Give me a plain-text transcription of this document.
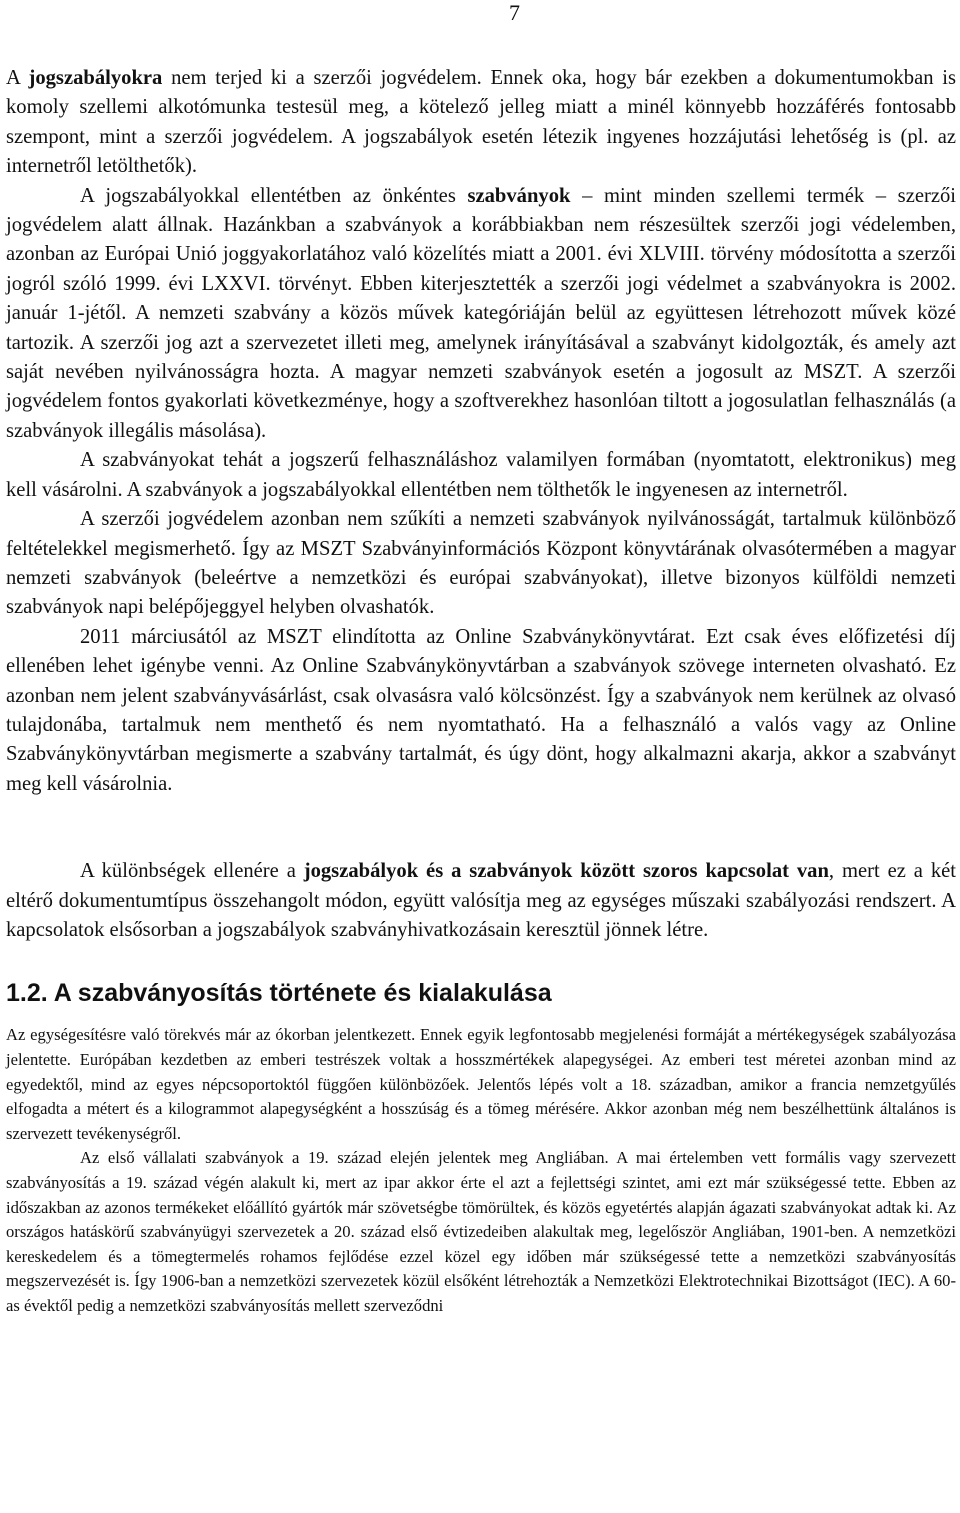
7

A jogszabályokra nem terjed ki a szerzői jogvédelem. Ennek oka, hogy bár ezekben a dokumentumokban is komoly szellemi alkotómunka testesül meg, a kötelező jelleg miatt a minél könnyebb hozzáférés fontosabb szempont, mint a szerzői jogvédelem. A jogszabályok esetén létezik ingyenes hozzájutási lehetőség is (pl. az internetről letölthetők).

A jogszabályokkal ellentétben az önkéntes szabványok – mint minden szellemi termék – szerzői jogvédelem alatt állnak. Hazánkban a szabványok a korábbiakban nem részesültek szerzői jogi védelemben, azonban az Európai Unió joggyakorlatához való közelítés miatt a 2001. évi XLVIII. törvény módosította a szerzői jogról szóló 1999. évi LXXVI. törvényt. Ebben kiterjesztették a szerzői jogi védelmet a szabványokra is 2002. január 1-jétől. A nemzeti szabvány a közös művek kategóriáján belül az együttesen létrehozott művek közé tartozik. A szerzői jog azt a szervezetet illeti meg, amelynek irányításával a szabványt kidolgozták, és amely azt saját nevében nyilvánosságra hozta. A magyar nemzeti szabványok esetén a jogosult az MSZT. A szerzői jogvédelem fontos gyakorlati következménye, hogy a szoftverekhez hasonlóan tiltott a jogosulatlan felhasználás (a szabványok illegális másolása).

A szabványokat tehát a jogszerű felhasználáshoz valamilyen formában (nyomtatott, elektronikus) meg kell vásárolni. A szabványok a jogszabályokkal ellentétben nem tölthetők le ingyenesen az internetről.

A szerzői jogvédelem azonban nem szűkíti a nemzeti szabványok nyilvánosságát, tartalmuk különböző feltételekkel megismerhető. Így az MSZT Szabványinformációs Központ könyvtárának olvasótermében a magyar nemzeti szabványok (beleértve a nemzetközi és európai szabványokat), illetve bizonyos külföldi nemzeti szabványok napi belépőjeggyel helyben olvashatók.

2011 márciusától az MSZT elindította az Online Szabványkönyvtárat. Ezt csak éves előfizetési díj ellenében lehet igénybe venni. Az Online Szabványkönyvtárban a szabványok szövege interneten olvasható. Ez azonban nem jelent szabványvásárlást, csak olvasásra való kölcsönzést. Így a szabványok nem kerülnek az olvasó tulajdonába, tartalmuk nem menthető és nem nyomtatható. Ha a felhasználó a valós vagy az Online Szabványkönyvtárban megismerte a szabvány tartalmát, és úgy dönt, hogy alkalmazni akarja, akkor a szabványt meg kell vásárolnia.

A különbségek ellenére a jogszabályok és a szabványok között szoros kapcsolat van, mert ez a két eltérő dokumentumtípus összehangolt módon, együtt valósítja meg az egységes műszaki szabályozási rendszert. A kapcsolatok elsősorban a jogszabályok szabványhivatkozásain keresztül jönnek létre.

1.2. A szabványosítás története és kialakulása

Az egységesítésre való törekvés már az ókorban jelentkezett. Ennek egyik legfontosabb megjelenési formáját a mértékegységek szabályozása jelentette. Európában kezdetben az emberi testrészek voltak a hosszmértékek alapegységei. Az emberi test méretei azonban mind az egyedektől, mind az egyes népcsoportoktól függően különbözőek. Jelentős lépés volt a 18. században, amikor a francia nemzetgyűlés elfogadta a métert és a kilogrammot alapegységként a hosszúság és a tömeg mérésére. Akkor azonban még nem beszélhettünk általános is szervezett tevékenységről.

Az első vállalati szabványok a 19. század elején jelentek meg Angliában. A mai értelemben vett formális vagy szervezett szabványosítás a 19. század végén alakult ki, mert az ipar akkor érte el azt a fejlettségi szintet, ami ezt már szükségessé tette. Ebben az időszakban az azonos termékeket előállító gyártók már szövetségbe tömörültek, és közös egyetértés alapján ágazati szabványokat adtak ki. Az országos hatáskörű szabványügyi szervezetek a 20. század első évtizedeiben alakultak meg, legelőször Angliában, 1901-ben. A nemzetközi kereskedelem és a tömegtermelés rohamos fejlődése ezzel közel egy időben már szükségessé tette a nemzetközi szabványosítás megszervezését is. Így 1906-ban a nemzetközi szervezetek közül elsőként létrehozták a Nemzetközi Elektrotechnikai Bizottságot (IEC). A 60-as évektől pedig a nemzetközi szabványosítás mellett szerveződni
